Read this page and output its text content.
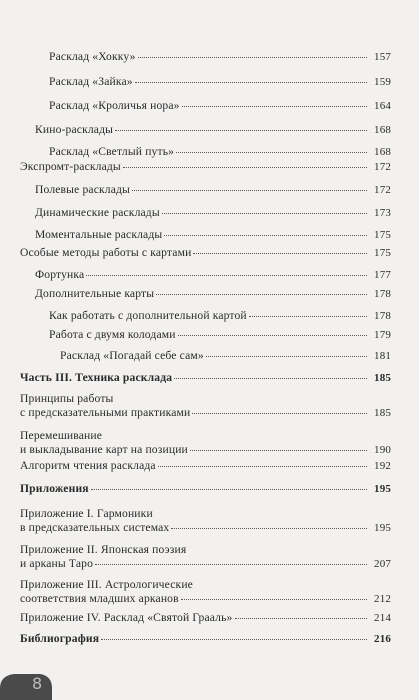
Расклад «Хокку»	157
Расклад «Зайка»	159
Расклад «Кроличья нора»	164
Кино-расклады	168
Расклад «Светлый путь»	168
Экспромт-расклады	172
Полевые расклады	172
Динамические расклады	173
Моментальные расклады	175
Особые методы работы с картами	175
Фортунка	177
Дополнительные карты	178
Как работать с дополнительной картой	178
Работа с двумя колодами	179
Расклад «Погадай себе сам»	181
Часть III. Техника расклада	185
Принципы работы
с предсказательными практиками	185
Перемешивание
и выкладывание карт на позиции	190
Алгоритм чтения расклада	192
Приложения	195
Приложение I. Гармоники
в предсказательных системах	195
Приложение II. Японская поэзия
и арканы Таро	207
Приложение III. Астрологические
соответствия младших арканов	212
Приложение IV. Расклад «Святой Грааль»	214
Библиография	216
8
